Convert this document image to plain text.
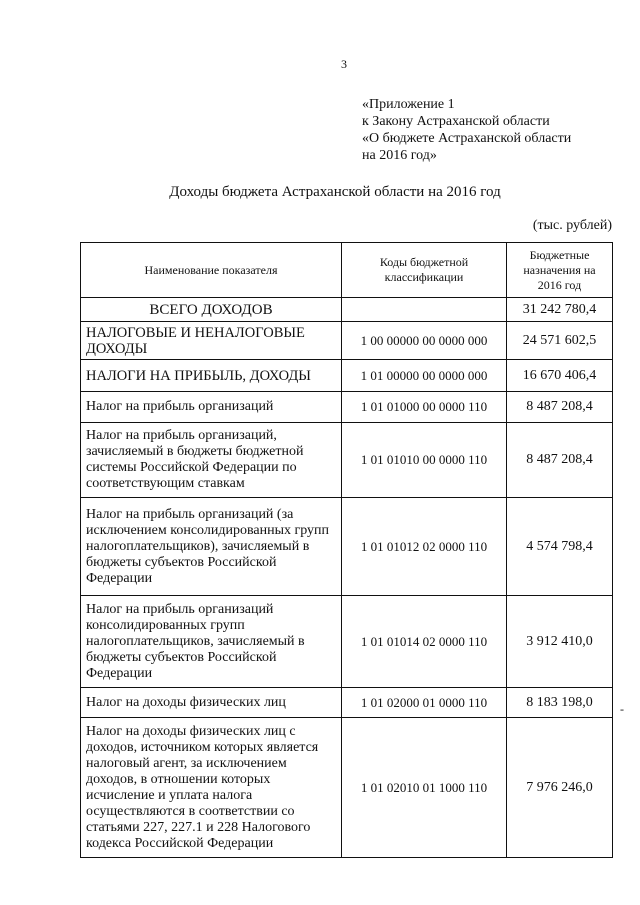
3
«Приложение 1
к Закону Астраханской области
«О бюджете Астраханской области
на 2016 год»
Доходы бюджета Астраханской области на 2016 год
(тыс. рублей)
Наименование показателя	Коды бюджетной классификации	Бюджетные назначения на 2016 год
ВСЕГО ДОХОДОВ		31 242 780,4
НАЛОГОВЫЕ И НЕНАЛОГОВЫЕ ДОХОДЫ	1 00 00000 00 0000 000	24 571 602,5
НАЛОГИ НА ПРИБЫЛЬ, ДОХОДЫ	1 01 00000 00 0000 000	16 670 406,4
Налог на прибыль организаций	1 01 01000 00 0000 110	8 487 208,4
Налог на прибыль организаций, зачисляемый в бюджеты бюджетной системы Российской Федерации по соответствующим ставкам	1 01 01010 00 0000 110	8 487 208,4
Налог на прибыль организаций (за исключением консолидированных групп налогоплательщиков), зачисляемый в бюджеты субъектов Российской Федерации	1 01 01012 02 0000 110	4 574 798,4
Налог на прибыль организаций консолидированных групп налогоплательщиков, зачисляемый в бюджеты субъектов Российской Федерации	1 01 01014 02 0000 110	3 912 410,0
Налог на доходы физических лиц	1 01 02000 01 0000 110	8 183 198,0
Налог на доходы физических лиц с доходов, источником которых является налоговый агент, за исключением доходов, в отношении которых исчисление и уплата налога осуществляются в соответствии со статьями 227, 227.1 и 228 Налогового кодекса Российской Федерации	1 01 02010 01 1000 110	7 976 246,0
-
